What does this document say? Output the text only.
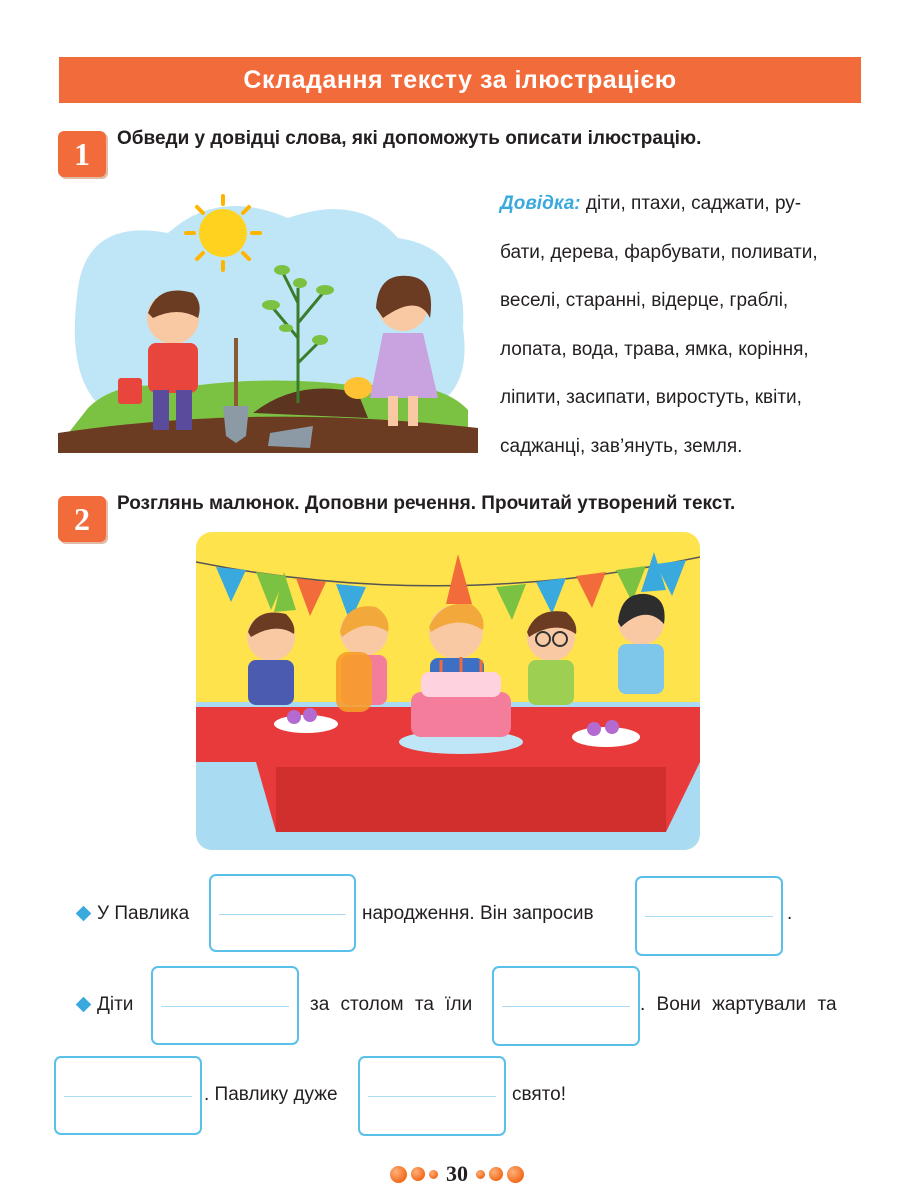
Складання тексту за ілюстрацією
1	Обведи у довідці слова, які допоможуть описати ілюстрацію.
Довідка: діти, птахи, саджати, ру-
бати, дерева, фарбувати, поливати,
веселі, старанні, відерце, граблі,
лопата, вода, трава, ямка, коріння,
ліпити, засипати, виростуть, квіти,
саджанці, зав’януть, земля.
2	Розглянь малюнок. Доповни речення. Прочитай утворений текст.
У Павлика	народження. Він запросив	.
Діти	за столом та їли	. Вони жартували та
. Павлику дуже	свято!
30
